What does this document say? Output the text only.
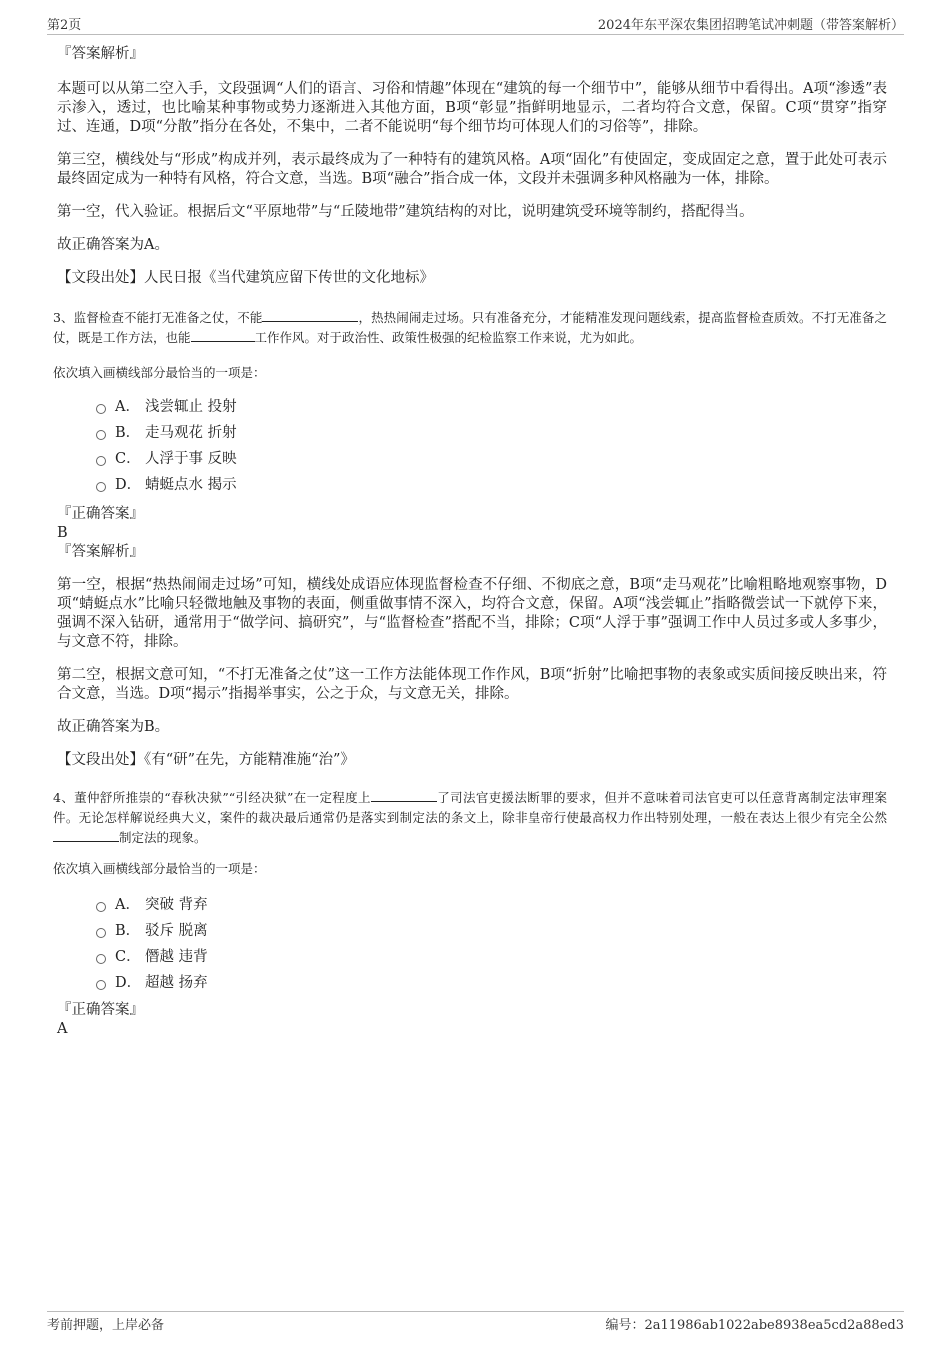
第2页	2024年东平深农集团招聘笔试冲刺题（带答案解析）

『答案解析』

本题可以从第二空入手，文段强调“人们的语言、习俗和情趣”体现在“建筑的每一个细节中”，能够从细节中看得出。A项“渗透”表示渗入，透过，也比喻某种事物或势力逐渐进入其他方面，B项“彰显”指鲜明地显示，二者均符合文意，保留。C项“贯穿”指穿过、连通，D项“分散”指分在各处，不集中，二者不能说明“每个细节均可体现人们的习俗等”，排除。

第三空，横线处与“形成”构成并列，表示最终成为了一种特有的建筑风格。A项“固化”有使固定，变成固定之意，置于此处可表示最终固定成为一种特有风格，符合文意，当选。B项“融合”指合成一体，文段并未强调多种风格融为一体，排除。

第一空，代入验证。根据后文“平原地带”与“丘陵地带”建筑结构的对比，说明建筑受环境等制约，搭配得当。

故正确答案为A。

【文段出处】人民日报《当代建筑应留下传世的文化地标》

3、监督检查不能打无准备之仗，不能	，热热闹闹走过场。只有准备充分，才能精准发现问题线索，提高监督检查质效。不打无准备之仗，既是工作方法，也能	工作作风。对于政治性、政策性极强的纪检监察工作来说，尤为如此。

依次填入画横线部分最恰当的一项是：

A． 浅尝辄止 投射
B． 走马观花 折射
C． 人浮于事 反映
D． 蜻蜓点水 揭示

『正确答案』

B

『答案解析』

第一空，根据“热热闹闹走过场”可知，横线处成语应体现监督检查不仔细、不彻底之意，B项“走马观花”比喻粗略地观察事物，D项“蜻蜓点水”比喻只轻微地触及事物的表面，侧重做事情不深入，均符合文意，保留。A项“浅尝辄止”指略微尝试一下就停下来，强调不深入钻研，通常用于“做学问、搞研究”，与“监督检查”搭配不当，排除；C项“人浮于事”强调工作中人员过多或人多事少，与文意不符，排除。

第二空，根据文意可知，“不打无准备之仗”这一工作方法能体现工作作风，B项“折射”比喻把事物的表象或实质间接反映出来，符合文意，当选。D项“揭示”指揭举事实，公之于众，与文意无关，排除。

故正确答案为B。

【文段出处】《有“研”在先，方能精准施“治”》

4、董仲舒所推崇的“春秋决狱”“引经决狱”在一定程度上	了司法官吏援法断罪的要求，但并不意味着司法官吏可以任意背离制定法审理案件。无论怎样解说经典大义，案件的裁决最后通常仍是落实到制定法的条文上，除非皇帝行使最高权力作出特别处理，一般在表达上很少有完全公然制定法的现象。

依次填入画横线部分最恰当的一项是：

A． 突破 背弃
B． 驳斥 脱离
C． 僭越 违背
D． 超越 扬弃

『正确答案』

A

考前押题，上岸必备	编号：2a11986ab1022abe8938ea5cd2a88ed3
